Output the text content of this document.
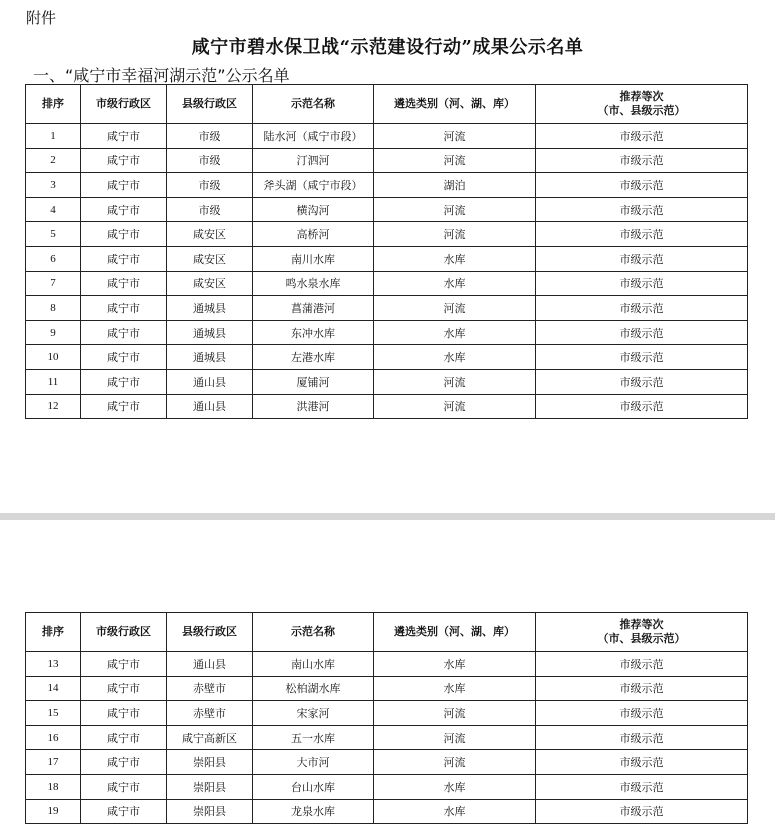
附件
咸宁市碧水保卫战“示范建设行动”成果公示名单
一、“咸宁市幸福河湖示范”公示名单
排序	市级行政区	县级行政区	示范名称	遴选类别（河、湖、库）	推荐等次
（市、县级示范）

1	咸宁市	市级	陆水河（咸宁市段）	河流	市级示范
2	咸宁市	市级	汀泗河	河流	市级示范
3	咸宁市	市级	斧头湖（咸宁市段）	湖泊	市级示范
4	咸宁市	市级	横沟河	河流	市级示范
5	咸宁市	咸安区	高桥河	河流	市级示范
6	咸宁市	咸安区	南川水库	水库	市级示范
7	咸宁市	咸安区	鸣水泉水库	水库	市级示范
8	咸宁市	通城县	菖蒲港河	河流	市级示范
9	咸宁市	通城县	东冲水库	水库	市级示范
10	咸宁市	通城县	左港水库	水库	市级示范
11	咸宁市	通山县	厦铺河	河流	市级示范
12	咸宁市	通山县	洪港河	河流	市级示范
排序	市级行政区	县级行政区	示范名称	遴选类别（河、湖、库）	推荐等次
（市、县级示范）

13	咸宁市	通山县	南山水库	水库	市级示范
14	咸宁市	赤壁市	松柏湖水库	水库	市级示范
15	咸宁市	赤壁市	宋家河	河流	市级示范
16	咸宁市	咸宁高新区	五一水库	河流	市级示范
17	咸宁市	崇阳县	大市河	河流	市级示范
18	咸宁市	崇阳县	台山水库	水库	市级示范
19	咸宁市	崇阳县	龙泉水库	水库	市级示范
